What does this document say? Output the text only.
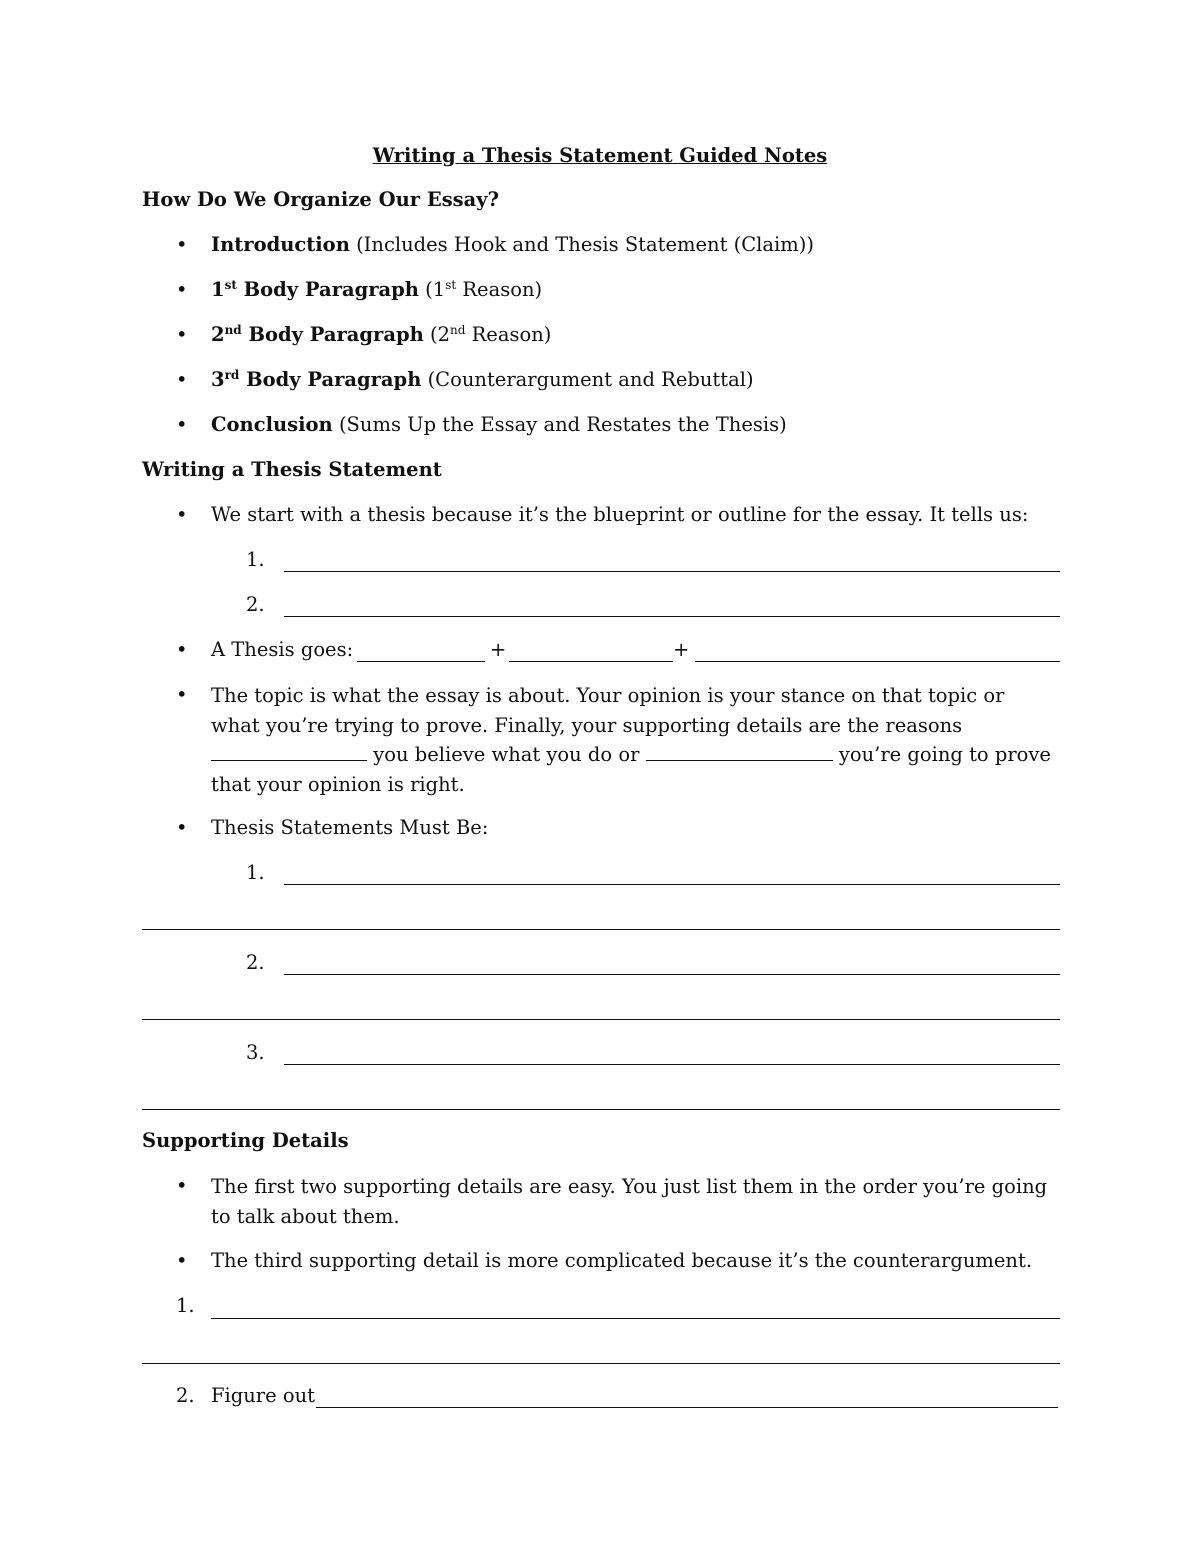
Writing a Thesis Statement Guided Notes
How Do We Organize Our Essay?
• Introduction (Includes Hook and Thesis Statement (Claim))
• 1st Body Paragraph (1st Reason)
• 2nd Body Paragraph (2nd Reason)
• 3rd Body Paragraph (Counterargument and Rebuttal)
• Conclusion (Sums Up the Essay and Restates the Thesis)
Writing a Thesis Statement
• We start with a thesis because it’s the blueprint or outline for the essay. It tells us:
1.
2.
• A Thesis goes:	+	+
• The topic is what the essay is about. Your opinion is your stance on that topic or what you’re trying to prove. Finally, your supporting details are the reasons  you believe what you do or	you’re going to prove that your opinion is right.
• Thesis Statements Must Be:
1.
2.
3.
Supporting Details
• The first two supporting details are easy. You just list them in the order you’re going to talk about them.
• The third supporting detail is more complicated because it’s the counterargument.
1.
2. Figure out
